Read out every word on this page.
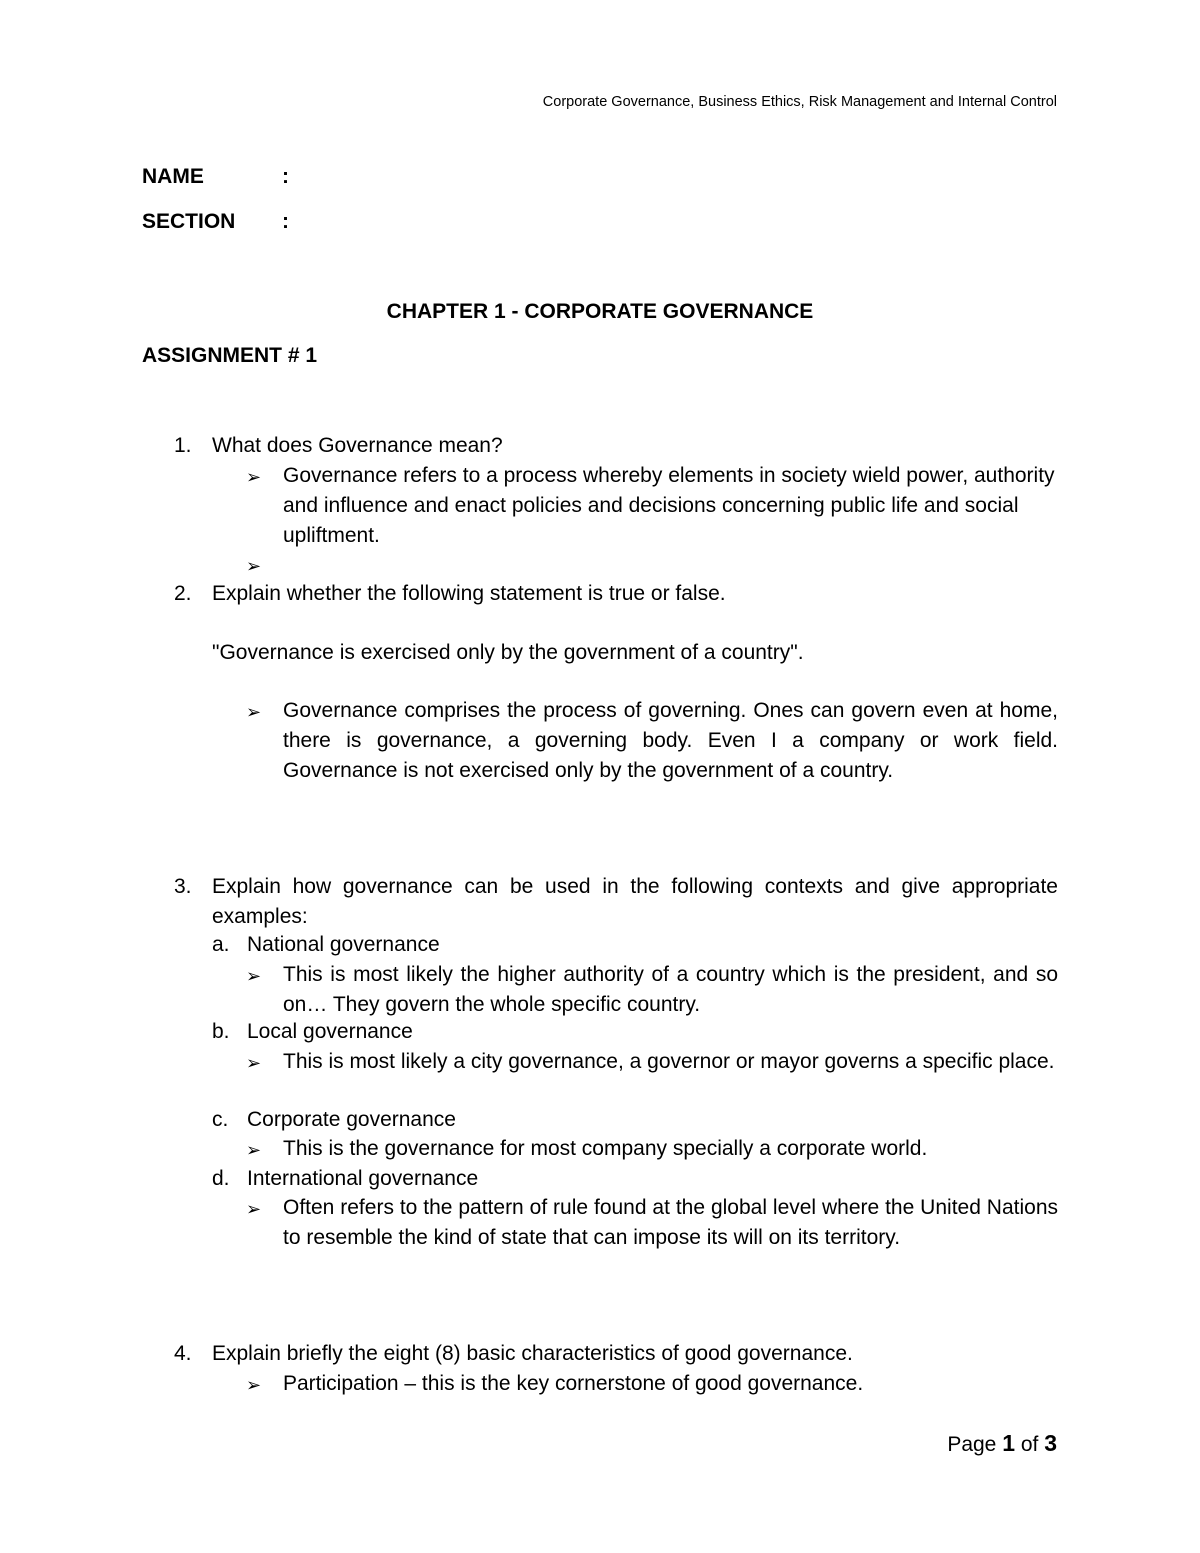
Corporate Governance, Business Ethics, Risk Management and Internal Control
NAME	:
SECTION :
CHAPTER 1 - CORPORATE GOVERNANCE
ASSIGNMENT # 1
1. What does Governance mean?
➢ Governance refers to a process whereby elements in society wield power, authority and influence and enact policies and decisions concerning public life and social upliftment.
➢
2. Explain whether the following statement is true or false.
"Governance is exercised only by the government of a country".
➢ Governance comprises the process of governing. Ones can govern even at home, there is governance, a governing body. Even I a company or work field. Governance is not exercised only by the government of a country.
3. Explain how governance can be used in the following contexts and give appropriate examples:
a. National governance
➢ This is most likely the higher authority of a country which is the president, and so on… They govern the whole specific country.
b. Local governance
➢ This is most likely a city governance, a governor or mayor governs a specific place.
c. Corporate governance
➢ This is the governance for most company specially a corporate world.
d. International governance
➢ Often refers to the pattern of rule found at the global level where the United Nations to resemble the kind of state that can impose its will on its territory.
4. Explain briefly the eight (8) basic characteristics of good governance.
➢ Participation – this is the key cornerstone of good governance.
Page 1 of 3
